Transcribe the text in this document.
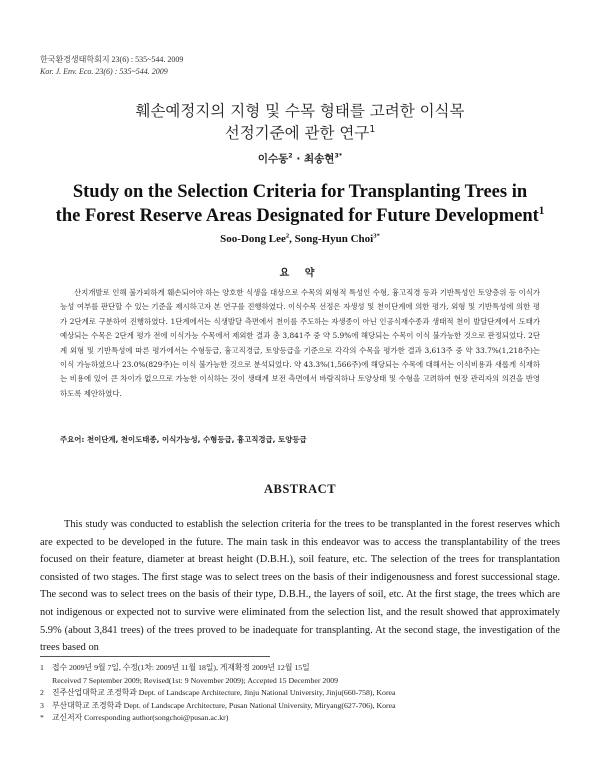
한국환경생태학회지 23(6) : 535~544. 2009
Kor. J. Env. Eco. 23(6) : 535~544. 2009
훼손예정지의 지형 및 수목 형태를 고려한 이식목
선정기준에 관한 연구$^1$
이수동$^2$ · 최송현$^{3*}$
Study on the Selection Criteria for Transplanting Trees in
the Forest Reserve Areas Designated for Future Development$^1$
Soo-Dong Lee$^2$, Song-Hyun Choi$^{3*}$
요 약
산지개발로 인해 불가피하게 훼손되어야 하는 양호한 식생을 대상으로 수목의 외형적 특성인 수형, 흉고직경 등과 기반특성인 토양층위 등 이식가능성 여부를 판단할 수 있는 기준을 제시하고자 본 연구를 진행하였다. 이식수목 선정은 자생성 및 천이단계에 의한 평가, 외형 및 기반특성에 의한 평가 2단계로 구분하여 진행하였다. 1단계에서는 식생발달 측면에서 천이를 주도하는 자생종이 아닌 인공식재수종과 생태적 천이 발달단계에서 도태가 예상되는 수목은 2단계 평가 전에 이식가능 수목에서 제외한 결과 총 3,841주 중 약 5.9%에 해당되는 수목이 이식 불가능한 것으로 판정되었다. 2단계 외형 및 기반특성에 따른 평가에서는 수형등급, 흉고직경급, 토양등급을 기준으로 각각의 수목을 평가한 결과 3,613주 중 약 33.7%(1,218주)는 이식 가능하였으나 23.0%(829주)는 이식 불가능한 것으로 분석되었다. 약 43.3%(1,566주)에 해당되는 수목에 대해서는 이식비용과 새롭게 식재하는 비용에 있어 큰 차이가 없으므로 가능한 이식하는 것이 생태계 보전 측면에서 바람직하나 토양상태 및 수형을 고려하여 현장 관리자의 의견을 반영하도록 제안하였다.
주요어: 천이단계, 천이도태종, 이식가능성, 수형등급, 흉고직경급, 토양등급
ABSTRACT
This study was conducted to establish the selection criteria for the trees to be transplanted in the forest reserves which are expected to be developed in the future. The main task in this endeavor was to access the transplantability of the trees focused on their feature, diameter at breast height (D.B.H.), soil feature, etc. The selection of the trees for transplantation consisted of two stages. The first stage was to select trees on the basis of their indigenousness and forest successional stage. The second was to select trees on the basis of their type, D.B.H., the layers of soil, etc. At the first stage, the trees which are not indigenous or expected not to survive were eliminated from the selection list, and the result showed that approximately 5.9% (about 3,841 trees) of the trees proved to be inadequate for transplanting. At the second stage, the investigation of the trees based on
1	접수 2009년 9월 7일, 수정(1차: 2009년 11월 18일), 게재확정 2009년 12월 15일
Received 7 September 2009; Revised(1st: 9 November 2009); Accepted 15 December 2009
2	진주산업대학교 조경학과 Dept. of Landscape Architecture, Jinju National University, Jinju(660-758), Korea
3	부산대학교 조경학과 Dept. of Landscape Architecture, Pusan National University, Miryang(627-706), Korea
*	교신저자 Corresponding author(songchoi@pusan.ac.kr)
